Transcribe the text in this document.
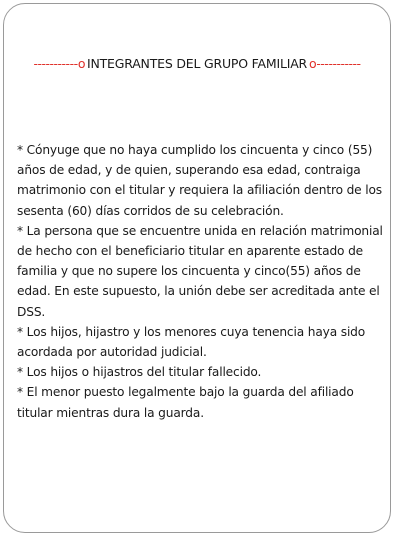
-----------o INTEGRANTES DEL GRUPO FAMILIAR o-----------

* Cónyuge que no haya cumplido los cincuenta y cinco (55) años de edad, y de quien, superando esa edad, contraiga matrimonio con el titular y requiera la afiliación dentro de los sesenta (60) días corridos de su celebración.

* La persona que se encuentre unida en relación matrimonial de hecho con el beneficiario titular en aparente estado de familia y que no supere los cincuenta y cinco(55) años de edad. En este supuesto, la unión debe ser acreditada ante el DSS.

* Los hijos, hijastro y los menores cuya tenencia haya sido acordada por autoridad judicial.

* Los hijos o hijastros del titular fallecido.

* El menor puesto legalmente bajo la guarda del afiliado titular mientras dura la guarda.
